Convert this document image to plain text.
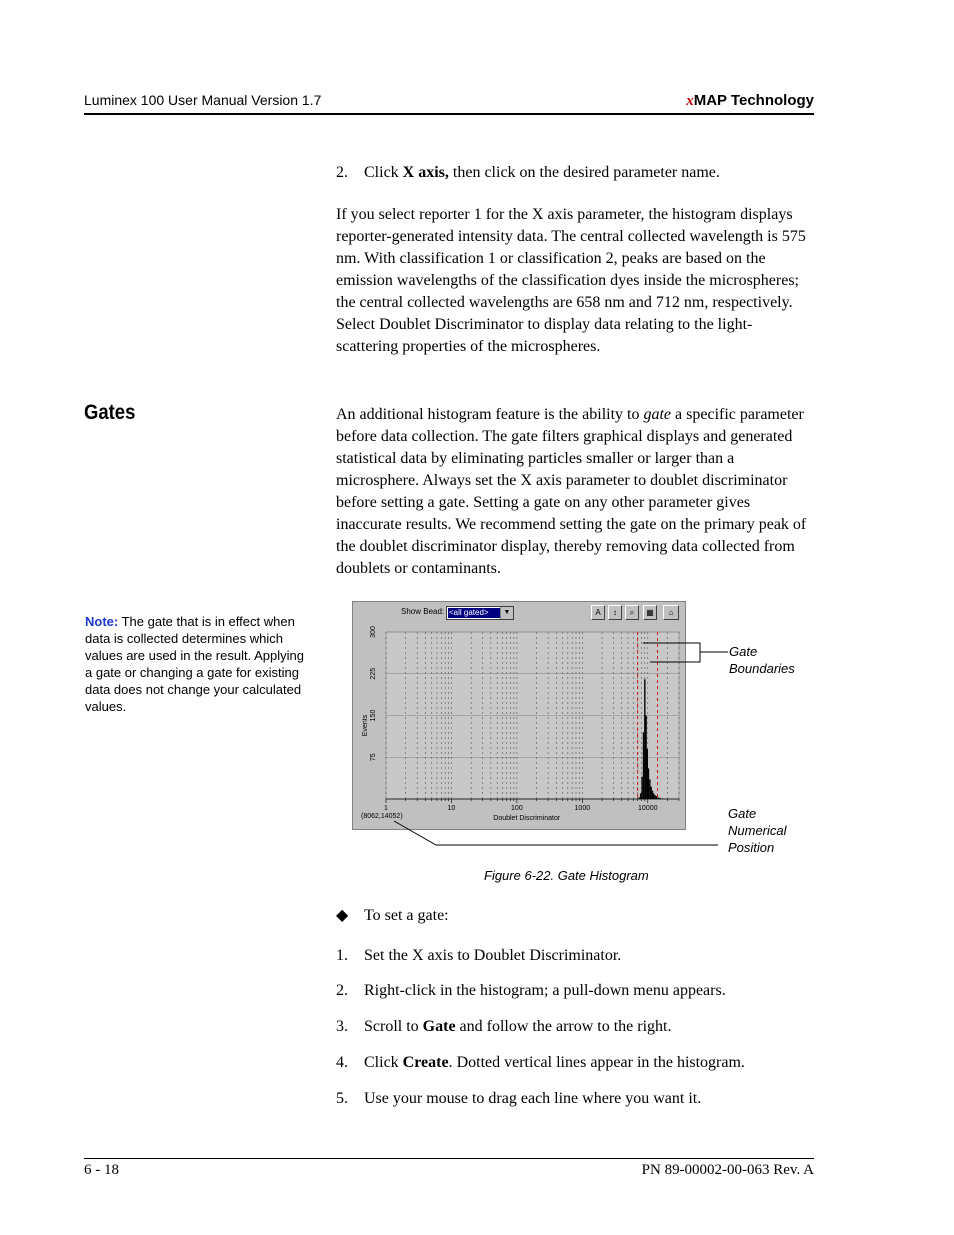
Luminex 100 User Manual Version 1.7	xMAP Technology
2. Click X axis, then click on the desired parameter name.
If you select reporter 1 for the X axis parameter, the histogram displays reporter-generated intensity data. The central collected wavelength is 575 nm. With classification 1 or classification 2, peaks are based on the emission wavelengths of the classification dyes inside the microspheres; the central collected wavelengths are 658 nm and 712 nm, respectively. Select Doublet Discriminator to display data relating to the light-scattering properties of the microspheres.
Gates	An additional histogram feature is the ability to gate a specific parameter before data collection. The gate filters graphical displays and generated statistical data by eliminating particles smaller or larger than a microsphere. Always set the X axis parameter to doublet discriminator before setting a gate. Setting a gate on any other parameter gives inaccurate results. We recommend setting the gate on the primary peak of the doublet discriminator display, thereby removing data collected from doublets or contaminants.
Note: The gate that is in effect when data is collected determines which values are used in the result. Applying a gate or changing a gate for existing data does not change your calculated values.
Show Bead: <all gated>	▼	A	↕	⌕	▦	⌂
75
150
225
300
1	10	100	1000	10000
Events
Doublet Discriminator
(8062,14052)
Gate
Boundaries
Gate
Numerical
Position
Figure 6-22. Gate Histogram
◆ To set a gate:
1. Set the X axis to Doublet Discriminator.
2. Right-click in the histogram; a pull-down menu appears.
3. Scroll to Gate and follow the arrow to the right.
4. Click Create. Dotted vertical lines appear in the histogram.
5. Use your mouse to drag each line where you want it.
6 - 18	PN 89-00002-00-063 Rev. A
